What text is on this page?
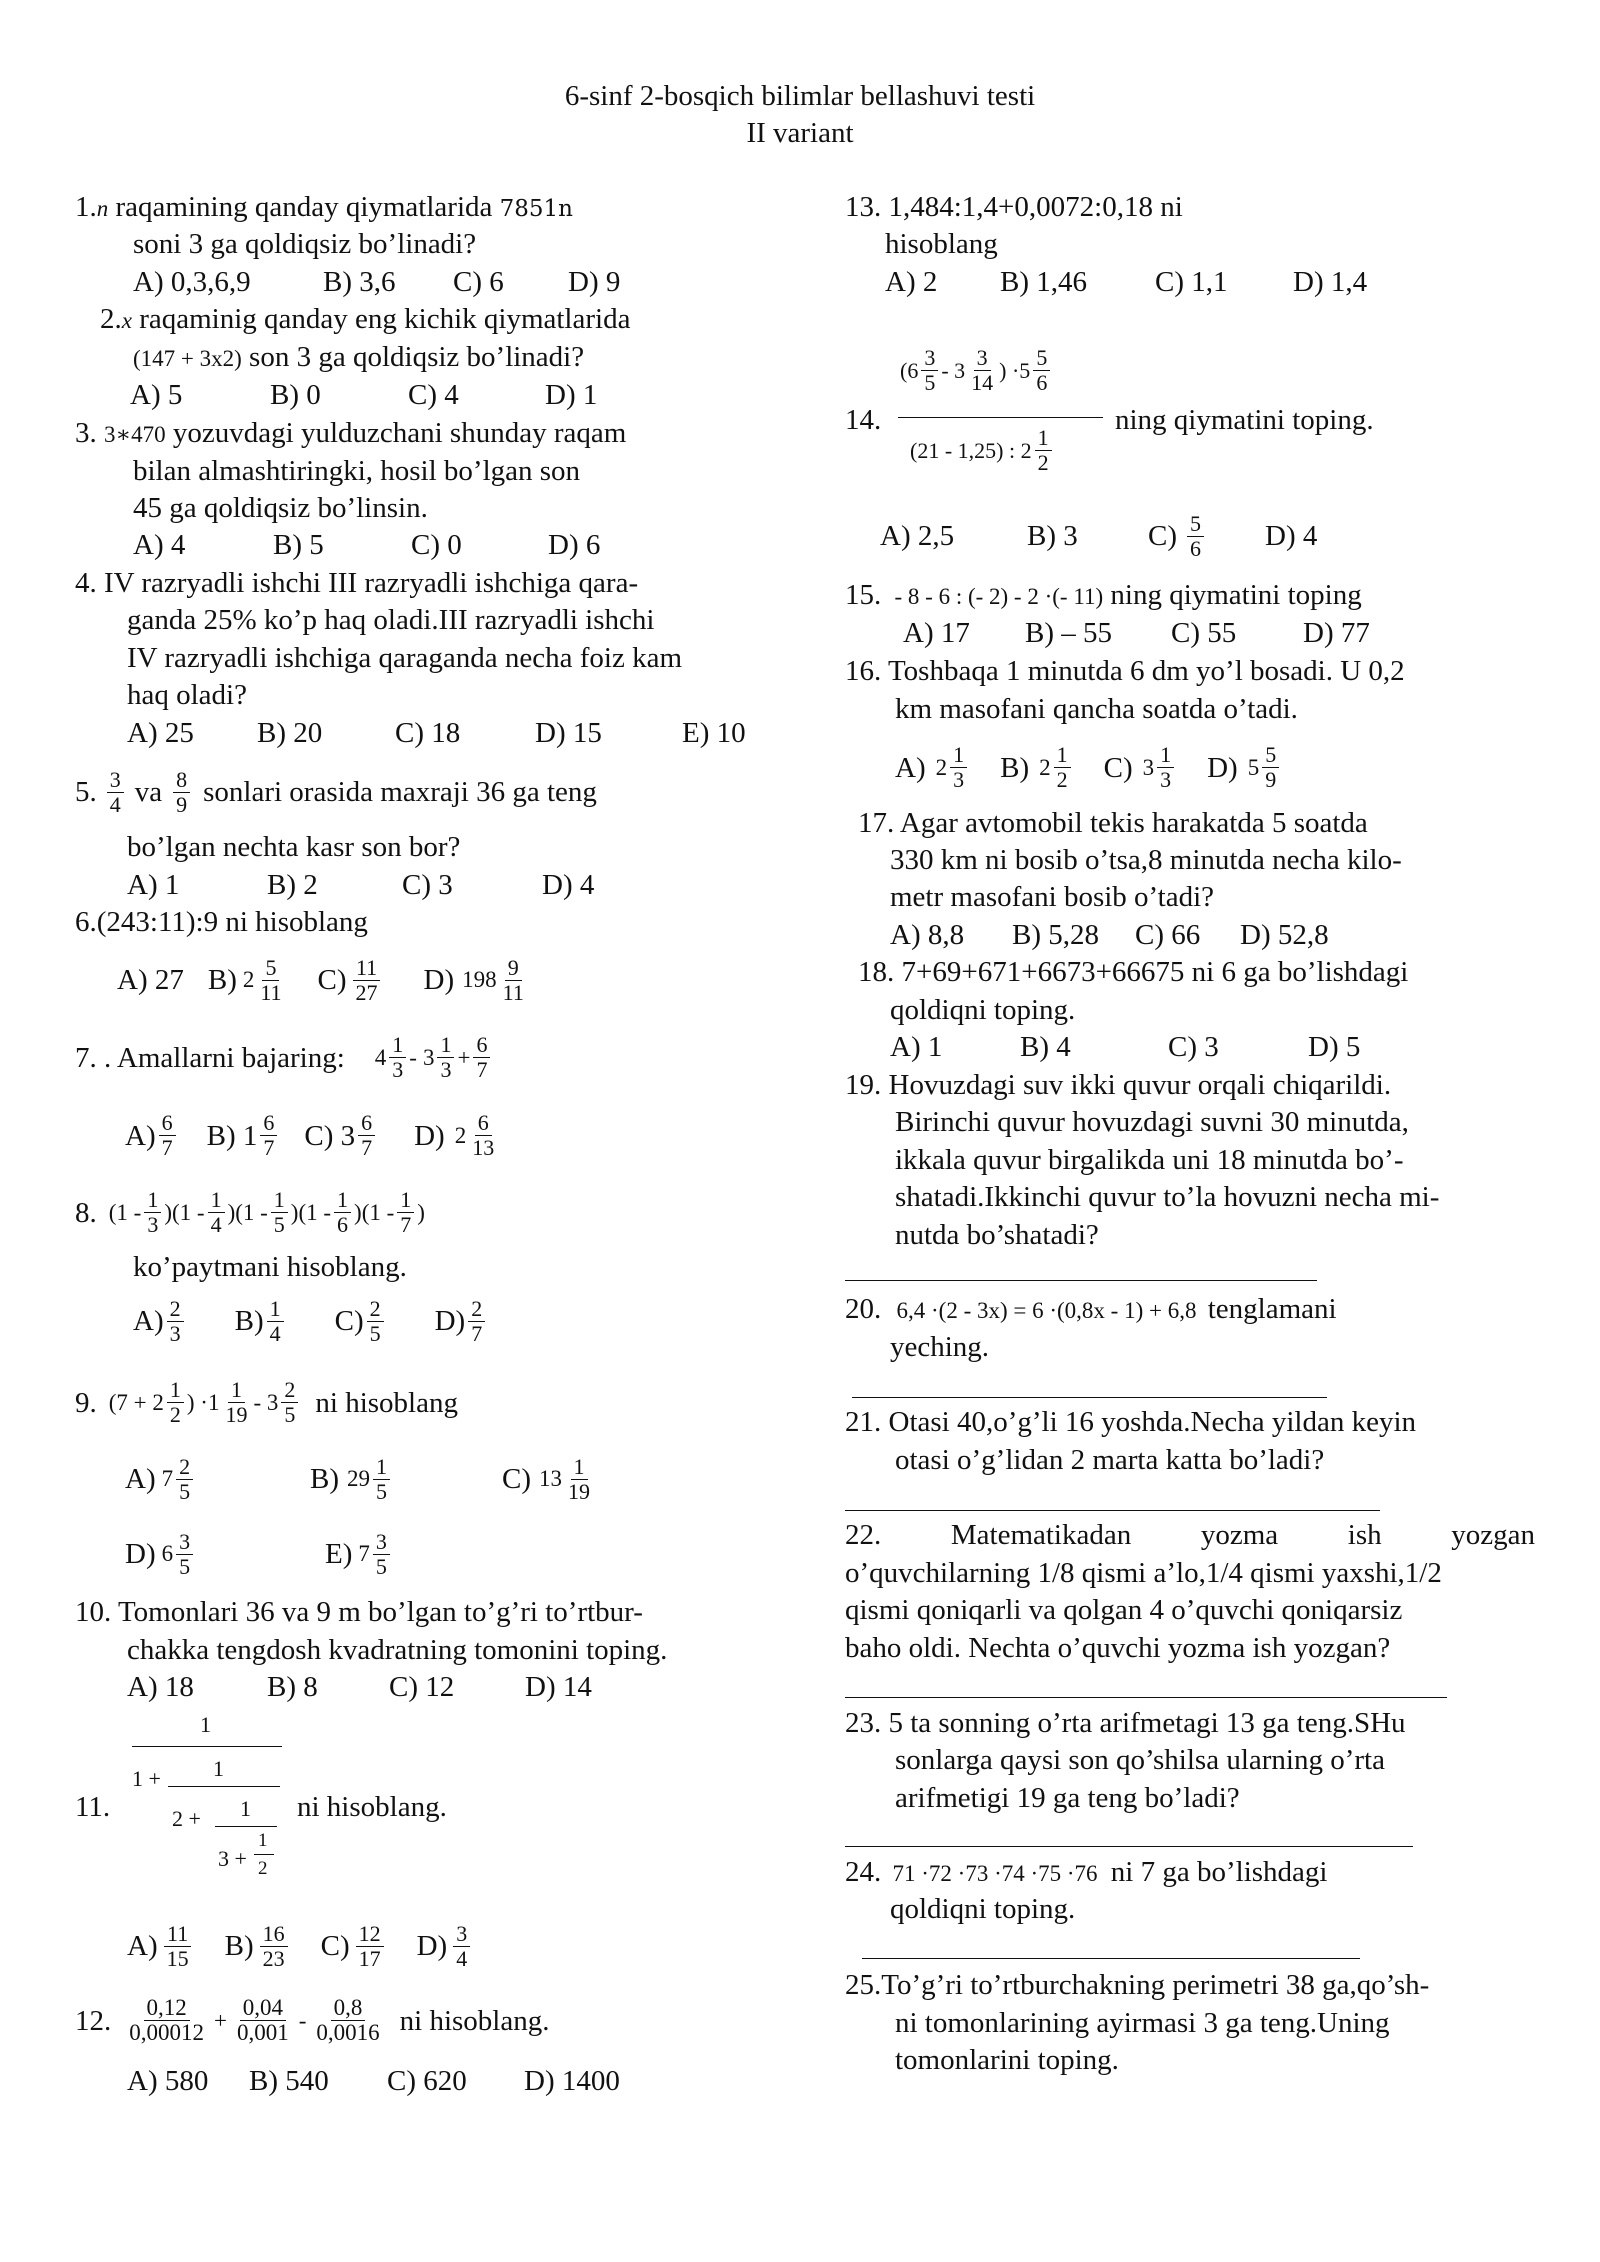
6-sinf 2-bosqich bilimlar bellashuvi testi
II variant
1.n raqamining qanday qiymatlarida 7851n
soni 3 ga qoldiqsiz bo’linadi?
A) 0,3,6,9 B) 3,6 C) 6 D) 9
2.x raqaminig qanday eng kichik qiymatlarida
(147 + 3x2) son 3 ga qoldiqsiz bo’linadi?
A) 5	B) 0	C) 4	D) 1
3. 3∗470 yozuvdagi yulduzchani shunday raqam
bilan almashtiringki, hosil bo’lgan son
45 ga qoldiqsiz bo’linsin.
A) 4	B) 5	C) 0	D) 6
4. IV razryadli ishchi III razryadli ishchiga qara-
ganda 25% ko’p haq oladi.III razryadli ishchi
IV razryadli ishchiga qaraganda necha foiz kam
haq oladi?
A) 25 B) 20	C) 18	D) 15	E) 10
5. $\frac{3}{4}$ va $\frac{8}{9}$ sonlari orasida maxraji 36 ga teng
bo’lgan nechta kasr son bor?
A) 1	B) 2	C) 3	D) 4
6.(243:11):9 ni hisoblang
A) 27 B) $2 \frac{5}{11} C) \frac{11}{27} D$) $198 \frac{9}{11}$
7. . Amallarni bajaring: $4 \frac{1}{3} - 3 \frac{1}{3} + \frac{6}{7}$
$A) \frac{6}{7} B$) $1 \frac{6}{7} C$) $3 \frac{6}{7} D$) $2 \frac{6}{13}$
8. $(1 - \frac{1}{3} )(1 - \frac{1}{4} )(1 - \frac{1}{5} )(1 - \frac{1}{6} )(1 - \frac{1}{7}$ )
ko’paytmani hisoblang.
$A) \frac{2}{3} B) \frac{1}{4} C) \frac{2}{5} D) \frac{2}{7}$
9. ($7 + 2 \frac{1}{2}$ ) $\cdot 1 \frac{1}{19} - 3 \frac{2}{5}$ ni hisoblang
A) $7 \frac{2}{5}$	B) $29 \frac{1}{5}$	C) $13 \frac{1}{19}$
D) $6 \frac{3}{5}$	E) $7 \frac{3}{5}$
10. Tomonlari 36 va 9 m bo’lgan to’g’ri to’rtbur-
chakka tengdosh kvadratning tomonini toping.
A) 18	B) 8 C) 12 D) 14
11.
1
1 + 1
2 + 1
3 +
1
2
ni hisoblang.
$A) \frac{11}{15} B) \frac{16}{23} C) \frac{12}{17} D) \frac{3}{4}$
12. $\frac{0,12}{0,00012} + \frac{0,04}{0,001} - \frac{0,8}{0,0016}$ ni hisoblang.
A) 580 B) 540 C) 620 D) 1400
13. 1,484:1,4+0,0072:0,18 ni
hisoblang
A) 2 B) 1,46 C) 1,1 D) 1,4
14.
($6 \frac{3}{5} - 3 \frac{3}{14}$ ) $\cdot 5 \frac{5}{6}$
(21 - 1,25) : $2 \frac{1}{2}$
ning qiymatini toping.
A) 2,5	B) 3 $C) \frac{5}{6} D$) 4
15. - 8 - 6 : (- 2) - 2 ·(- 11) ning qiymatini toping
A) 17 B) – 55 C) 55 D) 77
16. Toshbaqa 1 minutda 6 dm yo’l bosadi. U 0,2
km masofani qancha soatda o’tadi.
A) $2 \frac{1}{3} B$) $2 \frac{1}{2} C$) $3 \frac{1}{3} D$) $5 \frac{5}{9}$
17. Agar avtomobil tekis harakatda 5 soatda
330 km ni bosib o’tsa,8 minutda necha kilo-
metr masofani bosib o’tadi?
A) 8,8 B) 5,28 C) 66 D) 52,8
18. 7+69+671+6673+66675 ni 6 ga bo’lishdagi
qoldiqni toping.
A) 1	B) 4	C) 3	D) 5
19. Hovuzdagi suv ikki quvur orqali chiqarildi.
Birinchi quvur hovuzdagi suvni 30 minutda,
ikkala quvur birgalikda uni 18 minutda bo’-
shatadi.Ikkinchi quvur to’la hovuzni necha mi-
nutda bo’shatadi?
20. 6,4 ·(2 - 3x) = 6 ·(0,8x - 1) + 6,8 tenglamani
yeching.
21. Otasi 40,o’g’li 16 yoshda.Necha yildan keyin
otasi o’g’lidan 2 marta katta bo’ladi?
22. Matematikadan yozma ish yozgan
o’quvchilarning 1/8 qismi a’lo,1/4 qismi yaxshi,1/2
qismi qoniqarli va qolgan 4 o’quvchi qoniqarsiz
baho oldi. Nechta o’quvchi yozma ish yozgan?
23. 5 ta sonning o’rta arifmetagi 13 ga teng.SHu
sonlarga qaysi son qo’shilsa ularning o’rta
arifmetigi 19 ga teng bo’ladi?
24. 71 ·72 ·73 ·74 ·75 ·76 ni 7 ga bo’lishdagi
qoldiqni toping.
25.To’g’ri to’rtburchakning perimetri 38 ga,qo’sh-
ni tomonlarining ayirmasi 3 ga teng.Uning
tomonlarini toping.
